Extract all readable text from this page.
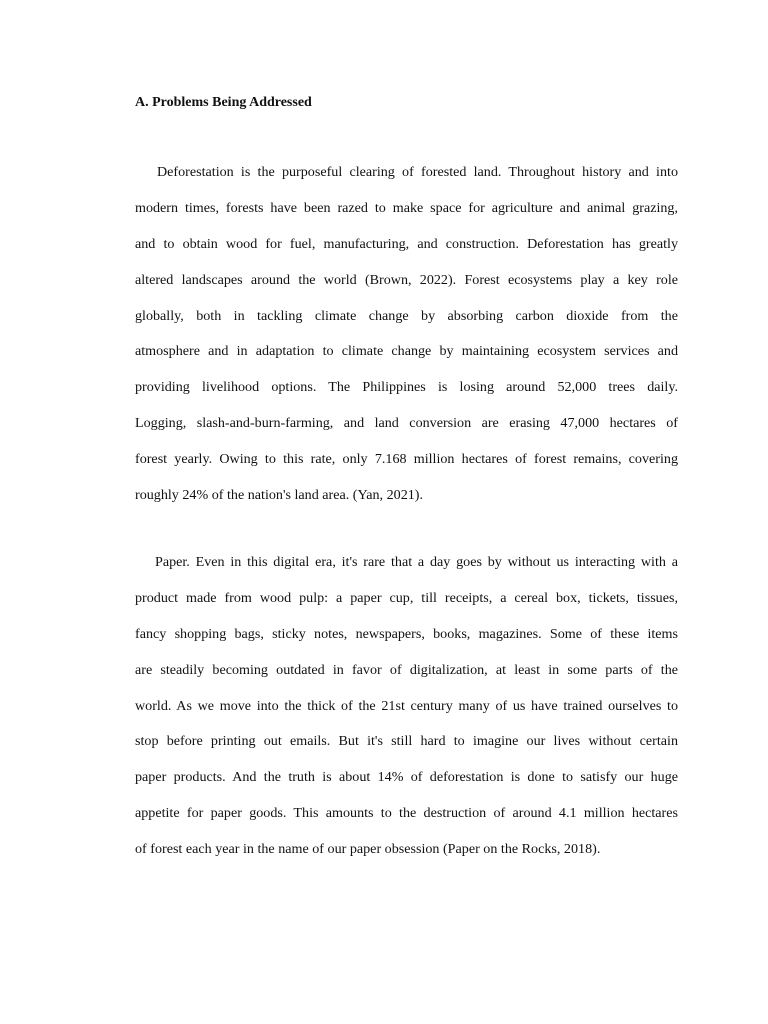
A. Problems Being Addressed

Deforestation is the purposeful clearing of forested land. Throughout history and into
modern times, forests have been razed to make space for agriculture and animal grazing,
and to obtain wood for fuel, manufacturing, and construction. Deforestation has greatly
altered landscapes around the world (Brown, 2022). Forest ecosystems play a key role
globally, both in tackling climate change by absorbing carbon dioxide from the
atmosphere and in adaptation to climate change by maintaining ecosystem services and
providing livelihood options. The Philippines is losing around 52,000 trees daily.
Logging, slash-and-burn-farming, and land conversion are erasing 47,000 hectares of
forest yearly. Owing to this rate, only 7.168 million hectares of forest remains, covering
roughly 24% of the nation's land area. (Yan, 2021).

Paper. Even in this digital era, it's rare that a day goes by without us interacting with a
product made from wood pulp: a paper cup, till receipts, a cereal box, tickets, tissues,
fancy shopping bags, sticky notes, newspapers, books, magazines. Some of these items
are steadily becoming outdated in favor of digitalization, at least in some parts of the
world. As we move into the thick of the 21st century many of us have trained ourselves to
stop before printing out emails. But it's still hard to imagine our lives without certain
paper products. And the truth is about 14% of deforestation is done to satisfy our huge
appetite for paper goods. This amounts to the destruction of around 4.1 million hectares
of forest each year in the name of our paper obsession (Paper on the Rocks, 2018).
